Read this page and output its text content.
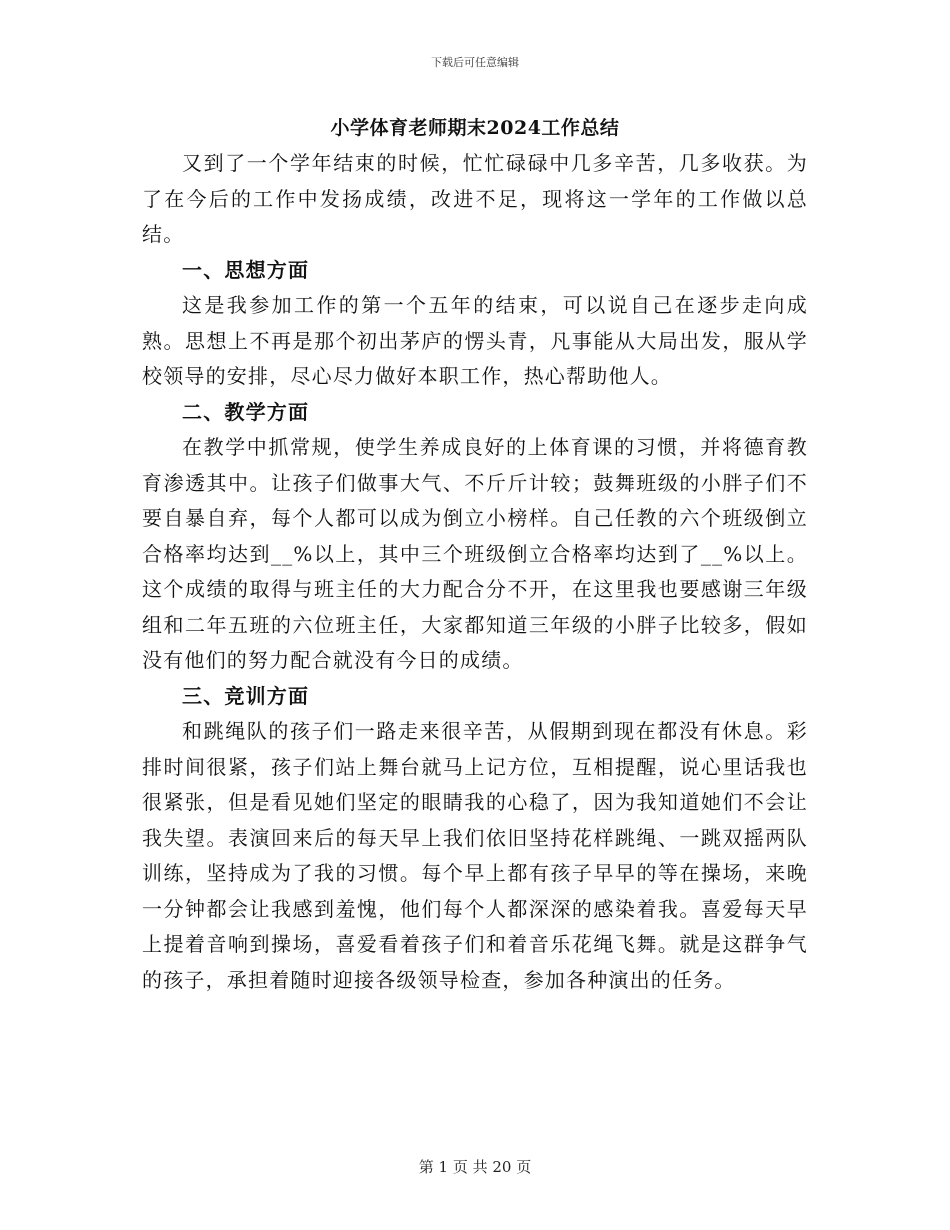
下载后可任意编辑
小学体育老师期末2024工作总结

又到了一个学年结束的时候，忙忙碌碌中几多辛苦，几多收获。为了在今后的工作中发扬成绩，改进不足，现将这一学年的工作做以总结。

一、思想方面

这是我参加工作的第一个五年的结束，可以说自己在逐步走向成熟。思想上不再是那个初出茅庐的愣头青，凡事能从大局出发，服从学校领导的安排，尽心尽力做好本职工作，热心帮助他人。

二、教学方面

在教学中抓常规，使学生养成良好的上体育课的习惯，并将德育教育渗透其中。让孩子们做事大气、不斤斤计较；鼓舞班级的小胖子们不要自暴自弃，每个人都可以成为倒立小榜样。自己任教的六个班级倒立合格率均达到__%以上，其中三个班级倒立合格率均达到了__%以上。这个成绩的取得与班主任的大力配合分不开，在这里我也要感谢三年级组和二年五班的六位班主任，大家都知道三年级的小胖子比较多，假如没有他们的努力配合就没有今日的成绩。

三、竞训方面

和跳绳队的孩子们一路走来很辛苦，从假期到现在都没有休息。彩排时间很紧，孩子们站上舞台就马上记方位，互相提醒，说心里话我也很紧张，但是看见她们坚定的眼睛我的心稳了，因为我知道她们不会让我失望。表演回来后的每天早上我们依旧坚持花样跳绳、一跳双摇两队训练，坚持成为了我的习惯。每个早上都有孩子早早的等在操场，来晚一分钟都会让我感到羞愧，他们每个人都深深的感染着我。喜爱每天早上提着音响到操场，喜爱看着孩子们和着音乐花绳飞舞。就是这群争气的孩子，承担着随时迎接各级领导检查，参加各种演出的任务。

第 1 页 共 20 页
